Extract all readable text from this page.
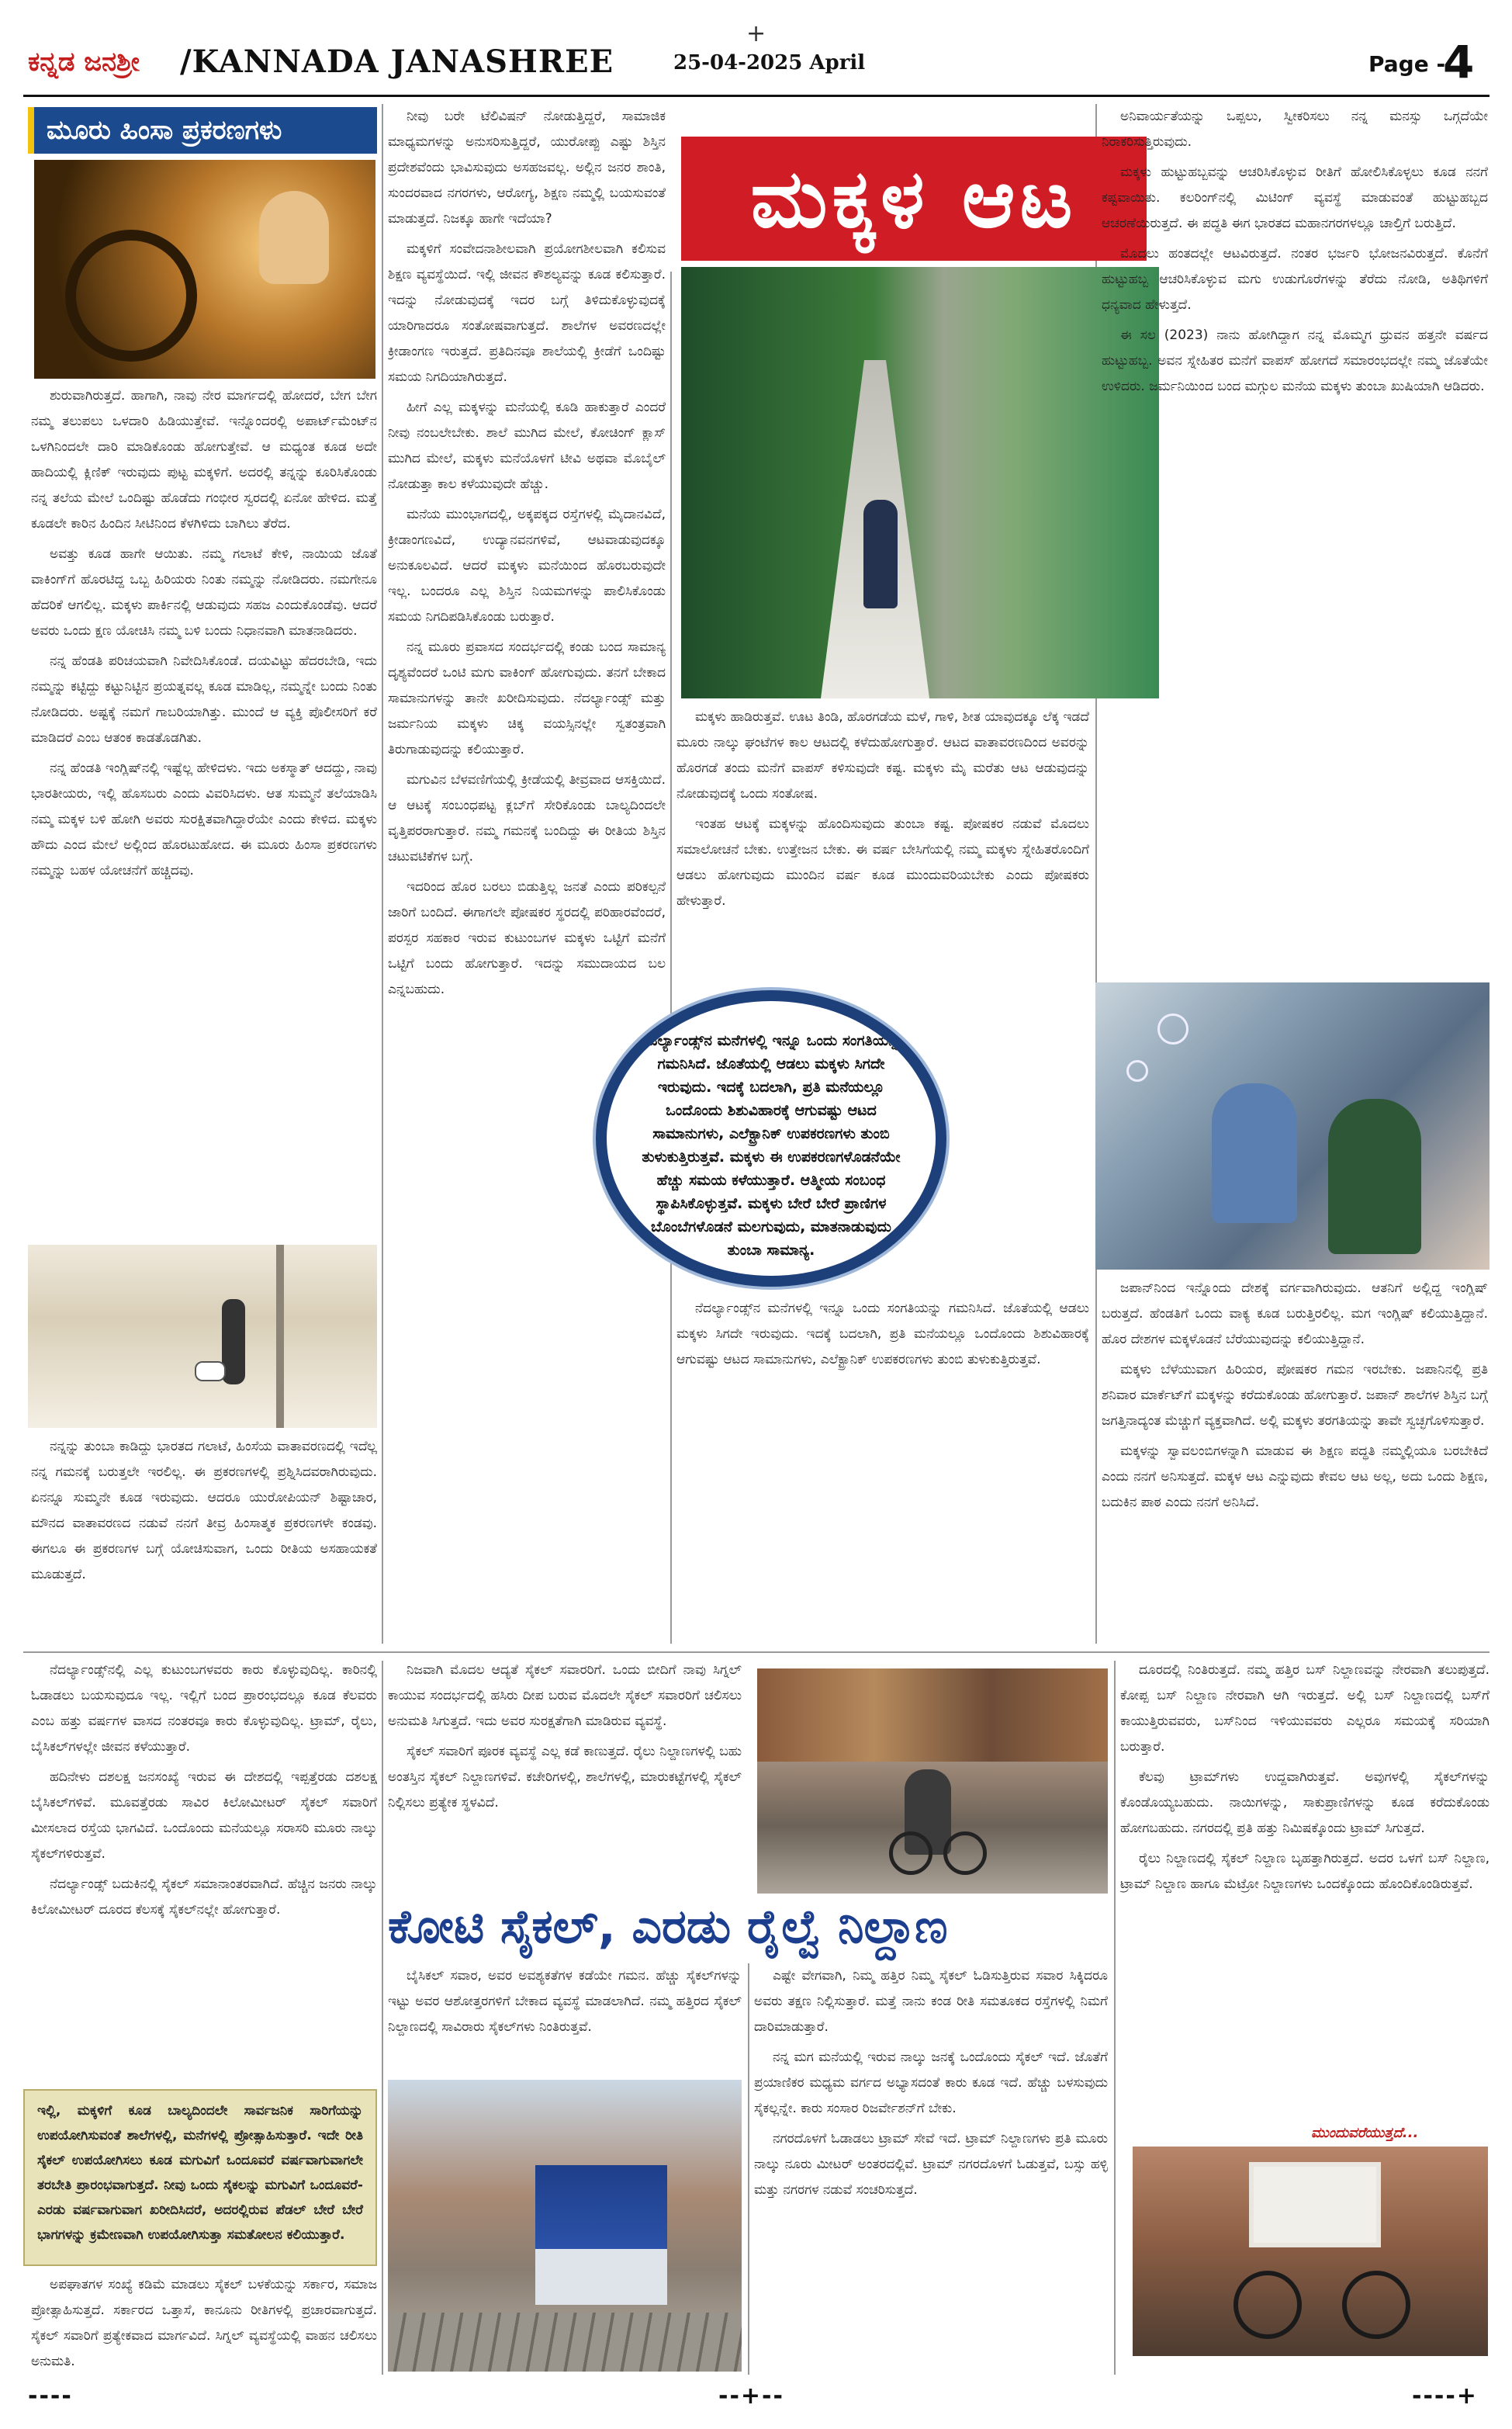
+
ಕನ್ನಡ ಜನಶ್ರೀ /KANNADA JANASHREE	25-04-2025 April	Page -
4
ಮೂರು ಹಿಂಸಾ ಪ್ರಕರಣಗಳು

ಶುರುವಾಗಿರುತ್ತದೆ. ಹಾಗಾಗಿ, ನಾವು ನೇರ ಮಾರ್ಗದಲ್ಲಿ ಹೋದರೆ, ಬೇಗ ಬೇಗ ನಮ್ಮ ತಲುಪಲು ಒಳದಾರಿ ಹಿಡಿಯುತ್ತೇವೆ. ಇನ್ನೊಂದರಲ್ಲಿ ಅಪಾರ್ಟ್‌ಮೆಂಟ್‌ನ ಒಳಗಿನಿಂದಲೇ ದಾರಿ ಮಾಡಿಕೊಂಡು ಹೋಗುತ್ತೇವೆ. ಆ ಮಧ್ಯಂತ ಕೂಡ ಅದೇ ಹಾದಿಯಲ್ಲಿ ಕ್ಲಿಣಿಕ್ ಇರುವುದು ಪುಟ್ಟ ಮಕ್ಕಳಿಗೆ. ಅದರಲ್ಲಿ ತನ್ನನ್ನು ಕೂರಿಸಿಕೊಂಡು ನನ್ನ ತಲೆಯ ಮೇಲೆ ಒಂದಿಷ್ಟು ಹೊಡೆದು ಗಂಭೀರ ಸ್ವರದಲ್ಲಿ ಏನೋ ಹೇಳಿದ. ಮತ್ತೆ ಕೂಡಲೇ ಕಾರಿನ ಹಿಂದಿನ ಸೀಟಿನಿಂದ ಕೆಳಗಿಳಿದು ಬಾಗಿಲು ತೆರೆದ.

ಅವತ್ತು ಕೂಡ ಹಾಗೇ ಆಯಿತು. ನಮ್ಮ ಗಲಾಟೆ ಕೇಳಿ, ನಾಯಿಯ ಜೊತೆ ವಾಕಿಂಗ್‌ಗೆ ಹೊರಟಿದ್ದ ಒಬ್ಬ ಹಿರಿಯರು ನಿಂತು ನಮ್ಮನ್ನು ನೋಡಿದರು. ನಮಗೇನೂ ಹೆದರಿಕೆ ಆಗಲಿಲ್ಲ. ಮಕ್ಕಳು ಪಾರ್ಕಿನಲ್ಲಿ ಆಡುವುದು ಸಹಜ ಎಂದುಕೊಂಡೆವು. ಆದರೆ ಅವರು ಒಂದು ಕ್ಷಣ ಯೋಚಿಸಿ ನಮ್ಮ ಬಳಿ ಬಂದು ನಿಧಾನವಾಗಿ ಮಾತನಾಡಿದರು.

ನನ್ನ ಹೆಂಡತಿ ಪರಿಚಯವಾಗಿ ನಿವೇದಿಸಿಕೊಂಡೆ. ದಯವಿಟ್ಟು ಹೆದರಬೇಡಿ, ಇದು ನಮ್ಮನ್ನು ಕಟ್ಟಿದ್ದು ಕಟ್ಟುನಿಟ್ಟಿನ ಪ್ರಯತ್ನವಲ್ಲ ಕೂಡ ಮಾಡಿಲ್ಲ, ನಮ್ಮನ್ನೇ ಬಂದು ನಿಂತು ನೋಡಿದರು. ಅಷ್ಟಕ್ಕೆ ನಮಗೆ ಗಾಬರಿಯಾಗಿತ್ತು. ಮುಂದೆ ಆ ವ್ಯಕ್ತಿ ಪೊಲೀಸರಿಗೆ ಕರೆ ಮಾಡಿದರೆ ಎಂಬ ಆತಂಕ ಕಾಡತೊಡಗಿತು.

ನನ್ನ ಹೆಂಡತಿ ಇಂಗ್ಲಿಷ್‌ನಲ್ಲಿ ಇಷ್ಟೆಲ್ಲ ಹೇಳಿದಳು. ಇದು ಅಕಸ್ಮಾತ್ ಆದದ್ದು, ನಾವು ಭಾರತೀಯರು, ಇಲ್ಲಿ ಹೊಸಬರು ಎಂದು ವಿವರಿಸಿದಳು. ಆತ ಸುಮ್ಮನೆ ತಲೆಯಾಡಿಸಿ ನಮ್ಮ ಮಕ್ಕಳ ಬಳಿ ಹೋಗಿ ಅವರು ಸುರಕ್ಷಿತವಾಗಿದ್ದಾರೆಯೇ ಎಂದು ಕೇಳಿದ. ಮಕ್ಕಳು ಹೌದು ಎಂದ ಮೇಲೆ ಅಲ್ಲಿಂದ ಹೊರಟುಹೋದ. ಈ ಮೂರು ಹಿಂಸಾ ಪ್ರಕರಣಗಳು ನಮ್ಮನ್ನು ಬಹಳ ಯೋಚನೆಗೆ ಹಚ್ಚಿದವು.

ನನ್ನನ್ನು ತುಂಬಾ ಕಾಡಿದ್ದು ಭಾರತದ ಗಲಾಟೆ, ಹಿಂಸೆಯ ವಾತಾವರಣದಲ್ಲಿ ಇದೆಲ್ಲ ನನ್ನ ಗಮನಕ್ಕೆ ಬರುತ್ತಲೇ ಇರಲಿಲ್ಲ. ಈ ಪ್ರಕರಣಗಳಲ್ಲಿ ಪ್ರಶ್ನಿಸಿದವರಾಗಿರುವುದು. ಏನನ್ನೂ ಸುಮ್ಮನೇ ಕೂಡ ಇರುವುದು. ಆದರೂ ಯುರೋಪಿಯನ್ ಶಿಷ್ಟಾಚಾರ, ಮೌನದ ವಾತಾವರಣದ ನಡುವೆ ನನಗೆ ತೀವ್ರ ಹಿಂಸಾತ್ಮಕ ಪ್ರಕರಣಗಳೇ ಕಂಡವು. ಈಗಲೂ ಈ ಪ್ರಕರಣಗಳ ಬಗ್ಗೆ ಯೋಚಿಸುವಾಗ, ಒಂದು ರೀತಿಯ ಅಸಹಾಯಕತೆ ಮೂಡುತ್ತದೆ.

ನೀವು ಬರೇ ಟೆಲಿವಿಷನ್ ನೋಡುತ್ತಿದ್ದರೆ, ಸಾಮಾಜಿಕ ಮಾಧ್ಯಮಗಳನ್ನು ಅನುಸರಿಸುತ್ತಿದ್ದರೆ, ಯುರೋಪ್ಪು ಎಷ್ಟು ಶಿಸ್ತಿನ ಪ್ರದೇಶವೆಂದು ಭಾವಿಸುವುದು ಅಸಹಜವಲ್ಲ. ಅಲ್ಲಿನ ಜನರ ಶಾಂತಿ, ಸುಂದರವಾದ ನಗರಗಳು, ಆರೋಗ್ಯ, ಶಿಕ್ಷಣ ನಮ್ಮಲ್ಲಿ ಬಯಸುವಂತೆ ಮಾಡುತ್ತದೆ. ನಿಜಕ್ಕೂ ಹಾಗೇ ಇದೆಯಾ?

ಮಕ್ಕಳಿಗೆ ಸಂವೇದನಾಶೀಲವಾಗಿ ಪ್ರಯೋಗಶೀಲವಾಗಿ ಕಲಿಸುವ ಶಿಕ್ಷಣ ವ್ಯವಸ್ಥೆಯಿದೆ. ಇಲ್ಲಿ ಜೀವನ ಕೌಶಲ್ಯವನ್ನು ಕೂಡ ಕಲಿಸುತ್ತಾರೆ. ಇದನ್ನು ನೋಡುವುದಕ್ಕೆ ಇದರ ಬಗ್ಗೆ ತಿಳಿದುಕೊಳ್ಳುವುದಕ್ಕೆ ಯಾರಿಗಾದರೂ ಸಂತೋಷವಾಗುತ್ತದೆ. ಶಾಲೆಗಳ ಅವರಣದಲ್ಲೇ ಕ್ರೀಡಾಂಗಣ ಇರುತ್ತದೆ. ಪ್ರತಿದಿನವೂ ಶಾಲೆಯಲ್ಲಿ ಕ್ರೀಡೆಗೆ ಒಂದಿಷ್ಟು ಸಮಯ ನಿಗದಿಯಾಗಿರುತ್ತದೆ.

ಹೀಗೆ ಎಲ್ಲ ಮಕ್ಕಳನ್ನು ಮನೆಯಲ್ಲಿ ಕೂಡಿ ಹಾಕುತ್ತಾರೆ ಎಂದರೆ ನೀವು ನಂಬಲೇಬೇಕು. ಶಾಲೆ ಮುಗಿದ ಮೇಲೆ, ಕೋಚಿಂಗ್ ಕ್ಲಾಸ್ ಮುಗಿದ ಮೇಲೆ, ಮಕ್ಕಳು ಮನೆಯೊಳಗೆ ಟೀವಿ ಅಥವಾ ಮೊಬೈಲ್ ನೋಡುತ್ತಾ ಕಾಲ ಕಳೆಯುವುದೇ ಹೆಚ್ಚು.

ಮನೆಯ ಮುಂಭಾಗದಲ್ಲಿ, ಅಕ್ಕಪಕ್ಕದ ರಸ್ತೆಗಳಲ್ಲಿ ಮೈದಾನವಿದೆ, ಕ್ರೀಡಾಂಗಣವಿದೆ, ಉದ್ಯಾನವನಗಳಿವೆ, ಆಟವಾಡುವುದಕ್ಕೂ ಅನುಕೂಲವಿದೆ. ಆದರೆ ಮಕ್ಕಳು ಮನೆಯಿಂದ ಹೊರಬರುವುದೇ ಇಲ್ಲ. ಬಂದರೂ ಎಲ್ಲ ಶಿಸ್ತಿನ ನಿಯಮಗಳನ್ನು ಪಾಲಿಸಿಕೊಂಡು ಸಮಯ ನಿಗದಿಪಡಿಸಿಕೊಂಡು ಬರುತ್ತಾರೆ.

ನನ್ನ ಮೂರು ಪ್ರವಾಸದ ಸಂದರ್ಭದಲ್ಲಿ ಕಂಡು ಬಂದ ಸಾಮಾನ್ಯ ದೃಶ್ಯವೆಂದರೆ ಒಂಟಿ ಮಗು ವಾಕಿಂಗ್ ಹೋಗುವುದು. ತನಗೆ ಬೇಕಾದ ಸಾಮಾನುಗಳನ್ನು ತಾನೇ ಖರೀದಿಸುವುದು. ನೆದರ್ಲ್ಯಾಂಡ್ಸ್ ಮತ್ತು ಜರ್ಮನಿಯ ಮಕ್ಕಳು ಚಿಕ್ಕ ವಯಸ್ಸಿನಲ್ಲೇ ಸ್ವತಂತ್ರವಾಗಿ ತಿರುಗಾಡುವುದನ್ನು ಕಲಿಯುತ್ತಾರೆ.

ಮಗುವಿನ ಬೆಳವಣಿಗೆಯಲ್ಲಿ ಕ್ರೀಡೆಯಲ್ಲಿ ತೀವ್ರವಾದ ಆಸಕ್ತಿಯಿದೆ. ಆ ಆಟಕ್ಕೆ ಸಂಬಂಧಪಟ್ಟ ಕ್ಲಬ್‌ಗೆ ಸೇರಿಕೊಂಡು ಬಾಲ್ಯದಿಂದಲೇ ವೃತ್ತಿಪರರಾಗುತ್ತಾರೆ. ನಮ್ಮ ಗಮನಕ್ಕೆ ಬಂದಿದ್ದು ಈ ರೀತಿಯ ಶಿಸ್ತಿನ ಚಟುವಟಿಕೆಗಳ ಬಗ್ಗೆ.

ಇದರಿಂದ ಹೊರ ಬರಲು ಬಿಡುತ್ತಿಲ್ಲ ಜನತೆ ಎಂದು ಪರಿಕಲ್ಪನೆ ಜಾರಿಗೆ ಬಂದಿದೆ. ಈಗಾಗಲೇ ಪೋಷಕರ ಸ್ಥರದಲ್ಲಿ ಪರಿಹಾರವೆಂದರೆ, ಪರಸ್ಪರ ಸಹಕಾರ ಇರುವ ಕುಟುಂಬಗಳ ಮಕ್ಕಳು ಒಟ್ಟಿಗೆ ಮನೆಗೆ ಒಟ್ಟಿಗೆ ಬಂದು ಹೋಗುತ್ತಾರೆ. ಇದನ್ನು ಸಮುದಾಯದ ಬಲ ಎನ್ನಬಹುದು.

ಮಕ್ಕಳ ಆಟ

ಮಕ್ಕಳು ಹಾಡಿರುತ್ತವೆ. ಊಟ ತಿಂಡಿ, ಹೊರಗಡೆಯ ಮಳೆ, ಗಾಳಿ, ಶೀತ ಯಾವುದಕ್ಕೂ ಲೆಕ್ಕ ಇಡದೆ ಮೂರು ನಾಲ್ಕು ಘಂಟೆಗಳ ಕಾಲ ಆಟದಲ್ಲಿ ಕಳೆದುಹೋಗುತ್ತಾರೆ. ಆಟದ ವಾತಾವರಣದಿಂದ ಅವರನ್ನು ಹೊರಗಡೆ ತಂದು ಮನೆಗೆ ವಾಪಸ್ ಕಳಿಸುವುದೇ ಕಷ್ಟ. ಮಕ್ಕಳು ಮೈ ಮರೆತು ಆಟ ಆಡುವುದನ್ನು ನೋಡುವುದಕ್ಕೆ ಒಂದು ಸಂತೋಷ.

ಇಂತಹ ಆಟಕ್ಕೆ ಮಕ್ಕಳನ್ನು ಹೊಂದಿಸುವುದು ತುಂಬಾ ಕಷ್ಟ. ಪೋಷಕರ ನಡುವೆ ಮೊದಲು ಸಮಾಲೋಚನೆ ಬೇಕು. ಉತ್ತೇಜನ ಬೇಕು. ಈ ವರ್ಷ ಬೇಸಿಗೆಯಲ್ಲಿ ನಮ್ಮ ಮಕ್ಕಳು ಸ್ನೇಹಿತರೊಂದಿಗೆ ಆಡಲು ಹೋಗುವುದು ಮುಂದಿನ ವರ್ಷ ಕೂಡ ಮುಂದುವರಿಯಬೇಕು ಎಂದು ಪೋಷಕರು ಹೇಳುತ್ತಾರೆ.

ನೆದರ್ಲ್ಯಾಂಡ್ಸ್‌ನ ಮನೆಗಳಲ್ಲಿ ಇನ್ನೂ ಒಂದು ಸಂಗತಿಯನ್ನು ಗಮನಿಸಿದೆ. ಜೊತೆಯಲ್ಲಿ ಆಡಲು ಮಕ್ಕಳು ಸಿಗದೇ ಇರುವುದು. ಇದಕ್ಕೆ ಬದಲಾಗಿ, ಪ್ರತಿ ಮನೆಯಲ್ಲೂ ಒಂದೊಂದು ಶಿಶುವಿಹಾರಕ್ಕೆ ಆಗುವಷ್ಟು ಆಟದ ಸಾಮಾನುಗಳು, ಎಲೆಕ್ಟ್ರಾನಿಕ್ ಉಪಕರಣಗಳು ತುಂಬಿ ತುಳುಕುತ್ತಿರುತ್ತವೆ.

ನೆದರ್ಲ್ಯಾಂಡ್ಸ್‌ನ ಮನೆಗಳಲ್ಲಿ ಇನ್ನೂ ಒಂದು ಸಂಗತಿಯನ್ನು ಗಮನಿಸಿದೆ. ಜೊತೆಯಲ್ಲಿ ಆಡಲು ಮಕ್ಕಳು ಸಿಗದೇ ಇರುವುದು. ಇದಕ್ಕೆ ಬದಲಾಗಿ, ಪ್ರತಿ ಮನೆಯಲ್ಲೂ ಒಂದೊಂದು ಶಿಶುವಿಹಾರಕ್ಕೆ ಆಗುವಷ್ಟು ಆಟದ ಸಾಮಾನುಗಳು, ಎಲೆಕ್ಟ್ರಾನಿಕ್ ಉಪಕರಣಗಳು ತುಂಬಿ ತುಳುಕುತ್ತಿರುತ್ತವೆ. ಮಕ್ಕಳು ಈ ಉಪಕರಣಗಳೊಡನೆಯೇ ಹೆಚ್ಚು ಸಮಯ ಕಳೆಯುತ್ತಾರೆ. ಆತ್ಮೀಯ ಸಂಬಂಧ ಸ್ಥಾಪಿಸಿಕೊಳ್ಳುತ್ತವೆ. ಮಕ್ಕಳು ಬೇರೆ ಬೇರೆ ಪ್ರಾಣಿಗಳ ಬೊಂಬೆಗಳೊಡನೆ ಮಲಗುವುದು, ಮಾತನಾಡುವುದು ತುಂಬಾ ಸಾಮಾನ್ಯ.

ಅನಿವಾರ್ಯತೆಯನ್ನು ಒಪ್ಪಲು, ಸ್ವೀಕರಿಸಲು ನನ್ನ ಮನಸ್ಸು ಒಗ್ಗದೆಯೇ ನಿರಾಕರಿಸುತ್ತಿರುವುದು.

ಮಕ್ಕಳು ಹುಟ್ಟುಹಬ್ಬವನ್ನು ಆಚರಿಸಿಕೊಳ್ಳುವ ರೀತಿಗೆ ಹೋಲಿಸಿಕೊಳ್ಳಲು ಕೂಡ ನನಗೆ ಕಷ್ಟವಾಯಿತು. ಕಲರಿಂಗ್‌ನಲ್ಲಿ ಮಿಟಿಂಗ್ ವ್ಯವಸ್ಥೆ ಮಾಡುವಂತೆ ಹುಟ್ಟುಹಬ್ಬದ ಆಚರಣೆಯಿರುತ್ತದೆ. ಈ ಪದ್ಧತಿ ಈಗ ಭಾರತದ ಮಹಾನಗರಗಳಲ್ಲೂ ಚಾಲ್ತಿಗೆ ಬರುತ್ತಿದೆ.

ಮೊದಲು ಹಂತದಲ್ಲೇ ಆಟವಿರುತ್ತದೆ. ನಂತರ ಭರ್ಜರಿ ಭೋಜನವಿರುತ್ತದೆ. ಕೊನೆಗೆ ಹುಟ್ಟುಹಬ್ಬ ಆಚರಿಸಿಕೊಳ್ಳುವ ಮಗು ಉಡುಗೊರೆಗಳನ್ನು ತೆರೆದು ನೋಡಿ, ಅತಿಥಿಗಳಿಗೆ ಧನ್ಯವಾದ ಹೇಳುತ್ತದೆ.

ಈ ಸಲ (2023) ನಾನು ಹೋಗಿದ್ದಾಗ ನನ್ನ ಮೊಮ್ಮಗ ಧ್ರುವನ ಹತ್ತನೇ ವರ್ಷದ ಹುಟ್ಟುಹಬ್ಬ. ಅವನ ಸ್ನೇಹಿತರ ಮನೆಗೆ ವಾಪಸ್ ಹೋಗದೆ ಸಮಾರಂಭದಲ್ಲೇ ನಮ್ಮ ಜೊತೆಯೇ ಉಳಿದರು. ಜರ್ಮನಿಯಿಂದ ಬಂದ ಮಗ್ಗುಲ ಮನೆಯ ಮಕ್ಕಳು ತುಂಬಾ ಖುಷಿಯಾಗಿ ಆಡಿದರು.

ಜಪಾನ್‌ನಿಂದ ಇನ್ನೊಂದು ದೇಶಕ್ಕೆ ವರ್ಗವಾಗಿರುವುದು. ಆತನಿಗೆ ಅಲ್ಲಿದ್ದ ಇಂಗ್ಲಿಷ್ ಬರುತ್ತದೆ. ಹೆಂಡತಿಗೆ ಒಂದು ವಾಕ್ಯ ಕೂಡ ಬರುತ್ತಿರಲಿಲ್ಲ. ಮಗ ಇಂಗ್ಲಿಷ್ ಕಲಿಯುತ್ತಿದ್ದಾನೆ. ಹೊರ ದೇಶಗಳ ಮಕ್ಕಳೊಡನೆ ಬೆರೆಯುವುದನ್ನು ಕಲಿಯುತ್ತಿದ್ದಾನೆ.

ಮಕ್ಕಳು ಬೆಳೆಯುವಾಗ ಹಿರಿಯರ, ಪೋಷಕರ ಗಮನ ಇರಬೇಕು. ಜಪಾನಿನಲ್ಲಿ ಪ್ರತಿ ಶನಿವಾರ ಮಾರ್ಕೆಟ್‌ಗೆ ಮಕ್ಕಳನ್ನು ಕರೆದುಕೊಂಡು ಹೋಗುತ್ತಾರೆ. ಜಪಾನ್ ಶಾಲೆಗಳ ಶಿಸ್ತಿನ ಬಗ್ಗೆ ಜಗತ್ತಿನಾದ್ಯಂತ ಮೆಚ್ಚುಗೆ ವ್ಯಕ್ತವಾಗಿದೆ. ಅಲ್ಲಿ ಮಕ್ಕಳು ತರಗತಿಯನ್ನು ತಾವೇ ಸ್ವಚ್ಛಗೊಳಿಸುತ್ತಾರೆ.

ಮಕ್ಕಳನ್ನು ಸ್ವಾವಲಂಬಿಗಳನ್ನಾಗಿ ಮಾಡುವ ಈ ಶಿಕ್ಷಣ ಪದ್ಧತಿ ನಮ್ಮಲ್ಲಿಯೂ ಬರಬೇಕಿದೆ ಎಂದು ನನಗೆ ಅನಿಸುತ್ತದೆ. ಮಕ್ಕಳ ಆಟ ಎನ್ನುವುದು ಕೇವಲ ಆಟ ಅಲ್ಲ, ಅದು ಒಂದು ಶಿಕ್ಷಣ, ಬದುಕಿನ ಪಾಠ ಎಂದು ನನಗೆ ಅನಿಸಿದೆ.

ನೆದರ್ಲ್ಯಾಂಡ್ಸ್‌ನಲ್ಲಿ ಎಲ್ಲ ಕುಟುಂಬಗಳವರು ಕಾರು ಕೊಳ್ಳುವುದಿಲ್ಲ. ಕಾರಿನಲ್ಲಿ ಓಡಾಡಲು ಬಯಸುವುದೂ ಇಲ್ಲ. ಇಲ್ಲಿಗೆ ಬಂದ ಪ್ರಾರಂಭದಲ್ಲೂ ಕೂಡ ಕೆಲವರು ಎಂಬ ಹತ್ತು ವರ್ಷಗಳ ವಾಸದ ನಂತರವೂ ಕಾರು ಕೊಳ್ಳುವುದಿಲ್ಲ. ಟ್ರಾಮ್, ರೈಲು, ಬೈಸಿಕಲ್‌ಗಳಲ್ಲೇ ಜೀವನ ಕಳೆಯುತ್ತಾರೆ.

ಹದಿನೇಳು ದಶಲಕ್ಷ ಜನಸಂಖ್ಯೆ ಇರುವ ಈ ದೇಶದಲ್ಲಿ ಇಪ್ಪತ್ತೆರಡು ದಶಲಕ್ಷ ಬೈಸಿಕಲ್‌ಗಳಿವೆ. ಮೂವತ್ತೆರಡು ಸಾವಿರ ಕಿಲೋಮೀಟರ್ ಸೈಕಲ್ ಸವಾರಿಗೆ ಮೀಸಲಾದ ರಸ್ತೆಯ ಭಾಗವಿದೆ. ಒಂದೊಂದು ಮನೆಯಲ್ಲೂ ಸರಾಸರಿ ಮೂರು ನಾಲ್ಕು ಸೈಕಲ್‌ಗಳಿರುತ್ತವೆ.

ನೆದರ್ಲ್ಯಾಂಡ್ಸ್ ಬದುಕಿನಲ್ಲಿ ಸೈಕಲ್ ಸಮಾನಾಂತರವಾಗಿದೆ. ಹೆಚ್ಚಿನ ಜನರು ನಾಲ್ಕು ಕಿಲೋಮೀಟರ್ ದೂರದ ಕೆಲಸಕ್ಕೆ ಸೈಕಲ್‌ನಲ್ಲೇ ಹೋಗುತ್ತಾರೆ.

ಇಲ್ಲಿ, ಮಕ್ಕಳಿಗೆ ಕೂಡ ಬಾಲ್ಯದಿಂದಲೇ ಸಾರ್ವಜನಿಕ ಸಾರಿಗೆಯನ್ನು ಉಪಯೋಗಿಸುವಂತೆ ಶಾಲೆಗಳಲ್ಲಿ, ಮನೆಗಳಲ್ಲಿ ಪ್ರೋತ್ಸಾಹಿಸುತ್ತಾರೆ. ಇದೇ ರೀತಿ ಸೈಕಲ್ ಉಪಯೋಗಿಸಲು ಕೂಡ ಮಗುವಿಗೆ ಒಂದೂವರೆ ವರ್ಷವಾಗುವಾಗಲೇ ತರಬೇತಿ ಪ್ರಾರಂಭವಾಗುತ್ತದೆ. ನೀವು ಒಂದು ಸೈಕಲನ್ನು ಮಗುವಿಗೆ ಒಂದೂವರೆ-ಎರಡು ವರ್ಷವಾಗುವಾಗ ಖರೀದಿಸಿದರೆ, ಅದರಲ್ಲಿರುವ ಪೆಡಲ್ ಬೇರೆ ಬೇರೆ ಭಾಗಗಳನ್ನು ಕ್ರಮೇಣವಾಗಿ ಉಪಯೋಗಿಸುತ್ತಾ ಸಮತೋಲನ ಕಲಿಯುತ್ತಾರೆ.

ಅಪಘಾತಗಳ ಸಂಖ್ಯೆ ಕಡಿಮೆ ಮಾಡಲು ಸೈಕಲ್ ಬಳಕೆಯನ್ನು ಸರ್ಕಾರ, ಸಮಾಜ ಪ್ರೋತ್ಸಾಹಿಸುತ್ತದೆ. ಸರ್ಕಾರದ ಒತ್ತಾಸೆ, ಕಾನೂನು ರೀತಿಗಳಲ್ಲಿ ಪ್ರಚಾರವಾಗುತ್ತದೆ. ಸೈಕಲ್ ಸವಾರಿಗೆ ಪ್ರತ್ಯೇಕವಾದ ಮಾರ್ಗವಿದೆ. ಸಿಗ್ನಲ್ ವ್ಯವಸ್ಥೆಯಲ್ಲಿ ವಾಹನ ಚಲಿಸಲು ಅನುಮತಿ.

ನಿಜವಾಗಿ ಮೊದಲ ಆದ್ಯತೆ ಸೈಕಲ್ ಸವಾರರಿಗೆ. ಒಂದು ಬೀದಿಗೆ ನಾವು ಸಿಗ್ನಲ್ ಕಾಯುವ ಸಂದರ್ಭದಲ್ಲಿ ಹಸಿರು ದೀಪ ಬರುವ ಮೊದಲೇ ಸೈಕಲ್ ಸವಾರರಿಗೆ ಚಲಿಸಲು ಅನುಮತಿ ಸಿಗುತ್ತದೆ. ಇದು ಅವರ ಸುರಕ್ಷತೆಗಾಗಿ ಮಾಡಿರುವ ವ್ಯವಸ್ಥೆ.

ಸೈಕಲ್ ಸವಾರಿಗೆ ಪೂರಕ ವ್ಯವಸ್ಥೆ ಎಲ್ಲ ಕಡೆ ಕಾಣುತ್ತದೆ. ರೈಲು ನಿಲ್ದಾಣಗಳಲ್ಲಿ ಬಹು ಅಂತಸ್ತಿನ ಸೈಕಲ್ ನಿಲ್ದಾಣಗಳಿವೆ. ಕಚೇರಿಗಳಲ್ಲಿ, ಶಾಲೆಗಳಲ್ಲಿ, ಮಾರುಕಟ್ಟೆಗಳಲ್ಲಿ ಸೈಕಲ್ ನಿಲ್ಲಿಸಲು ಪ್ರತ್ಯೇಕ ಸ್ಥಳವಿದೆ.

ಕೋಟಿ ಸೈಕಲ್, ಎರಡು ರೈಲ್ವೆ ನಿಲ್ದಾಣ

ಬೈಸಿಕಲ್ ಸವಾರ, ಅವರ ಅವಶ್ಯಕತೆಗಳ ಕಡೆಯೇ ಗಮನ. ಹೆಚ್ಚು ಸೈಕಲ್‌ಗಳನ್ನು ಇಟ್ಟು ಅವರ ಆಶೋತ್ತರಗಳಿಗೆ ಬೇಕಾದ ವ್ಯವಸ್ಥೆ ಮಾಡಲಾಗಿದೆ. ನಮ್ಮ ಹತ್ತಿರದ ಸೈಕಲ್ ನಿಲ್ದಾಣದಲ್ಲಿ ಸಾವಿರಾರು ಸೈಕಲ್‌ಗಳು ನಿಂತಿರುತ್ತವೆ.

ಎಷ್ಟೇ ವೇಗವಾಗಿ, ನಿಮ್ಮ ಹತ್ತಿರ ನಿಮ್ಮ ಸೈಕಲ್ ಓಡಿಸುತ್ತಿರುವ ಸವಾರ ಸಿಕ್ಕಿದರೂ ಅವರು ತಕ್ಷಣ ನಿಲ್ಲಿಸುತ್ತಾರೆ. ಮತ್ತೆ ನಾನು ಕಂಡ ರೀತಿ ಸಮತೂಕದ ರಸ್ತೆಗಳಲ್ಲಿ ನಿಮಗೆ ದಾರಿಮಾಡುತ್ತಾರೆ.

ನನ್ನ ಮಗ ಮನೆಯಲ್ಲಿ ಇರುವ ನಾಲ್ಕು ಜನಕ್ಕೆ ಒಂದೊಂದು ಸೈಕಲ್ ಇದೆ. ಜೊತೆಗೆ ಪ್ರಯಾಣಿಕರ ಮಧ್ಯಮ ವರ್ಗದ ಅಭ್ಯಾಸದಂತೆ ಕಾರು ಕೂಡ ಇದೆ. ಹೆಚ್ಚು ಬಳಸುವುದು ಸೈಕಲ್ಲನ್ನೇ. ಕಾರು ಸಂಸಾರ ರಿಜರ್ವೇಶನ್‌ಗೆ ಬೇಕು.

ನಗರದೊಳಗೆ ಓಡಾಡಲು ಟ್ರಾಮ್ ಸೇವೆ ಇದೆ. ಟ್ರಾಮ್ ನಿಲ್ದಾಣಗಳು ಪ್ರತಿ ಮೂರು ನಾಲ್ಕು ನೂರು ಮೀಟರ್ ಅಂತರದಲ್ಲಿವೆ. ಟ್ರಾಮ್ ನಗರದೊಳಗೆ ಓಡುತ್ತವೆ, ಬಸ್ಸು ಹಳ್ಳಿ ಮತ್ತು ನಗರಗಳ ನಡುವೆ ಸಂಚರಿಸುತ್ತದೆ.

ದೂರದಲ್ಲಿ ನಿಂತಿರುತ್ತದೆ. ನಮ್ಮ ಹತ್ತಿರ ಬಸ್ ನಿಲ್ದಾಣವನ್ನು ನೇರವಾಗಿ ತಲುಪುತ್ತದೆ. ಕೋಪ್ಪ ಬಸ್ ನಿಲ್ದಾಣ ನೇರವಾಗಿ ಆಗಿ ಇರುತ್ತದೆ. ಅಲ್ಲಿ ಬಸ್ ನಿಲ್ದಾಣದಲ್ಲಿ ಬಸ್‌ಗೆ ಕಾಯುತ್ತಿರುವವರು, ಬಸ್‌ನಿಂದ ಇಳಿಯುವವರು ಎಲ್ಲರೂ ಸಮಯಕ್ಕೆ ಸರಿಯಾಗಿ ಬರುತ್ತಾರೆ.

ಕೆಲವು ಟ್ರಾಮ್‌ಗಳು ಉದ್ದವಾಗಿರುತ್ತವೆ. ಅವುಗಳಲ್ಲಿ ಸೈಕಲ್‌ಗಳನ್ನು ಕೊಂಡೊಯ್ಯಬಹುದು. ನಾಯಿಗಳನ್ನು, ಸಾಕುಪ್ರಾಣಿಗಳನ್ನು ಕೂಡ ಕರೆದುಕೊಂಡು ಹೋಗಬಹುದು. ನಗರದಲ್ಲಿ ಪ್ರತಿ ಹತ್ತು ನಿಮಿಷಕ್ಕೊಂದು ಟ್ರಾಮ್ ಸಿಗುತ್ತದೆ.

ರೈಲು ನಿಲ್ದಾಣದಲ್ಲಿ ಸೈಕಲ್ ನಿಲ್ದಾಣ ಬೃಹತ್ತಾಗಿರುತ್ತದೆ. ಅದರ ಒಳಗೆ ಬಸ್ ನಿಲ್ದಾಣ, ಟ್ರಾಮ್ ನಿಲ್ದಾಣ ಹಾಗೂ ಮೆಟ್ರೋ ನಿಲ್ದಾಣಗಳು ಒಂದಕ್ಕೊಂದು ಹೊಂದಿಕೊಂಡಿರುತ್ತವೆ.

ಮುಂದುವರೆಯುತ್ತದೆ...
----	--+--	----+
